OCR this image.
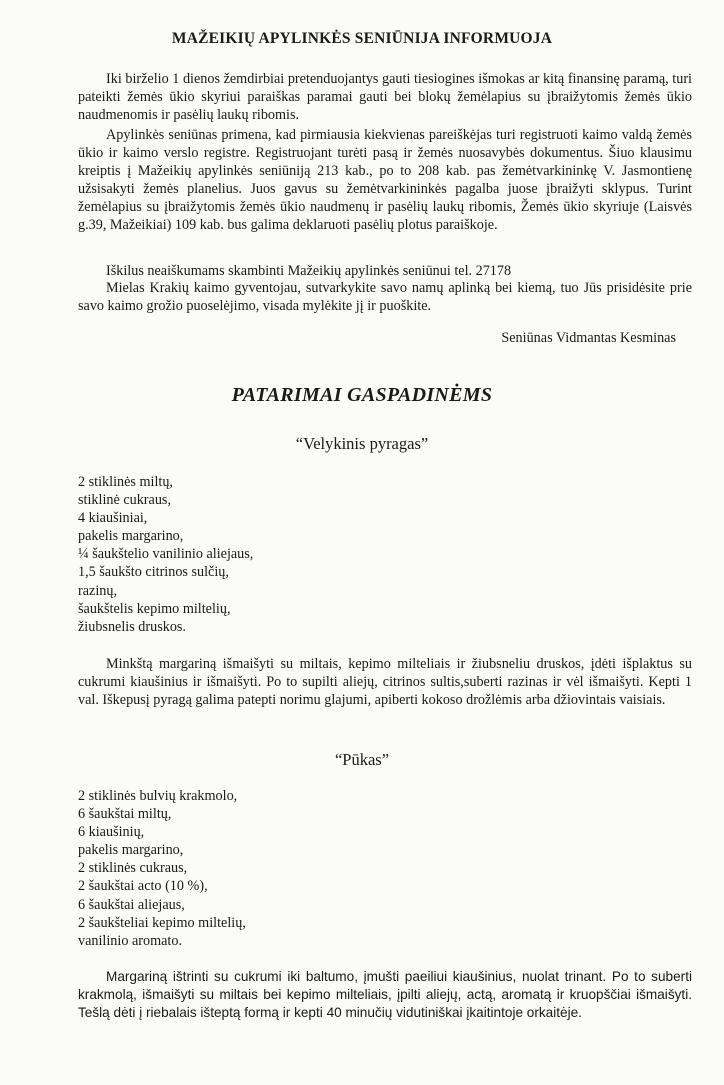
MAŽEIKIŲ APYLINKĖS SENIŪNIJA INFORMUOJA

Iki birželio 1 dienos žemdirbiai pretenduojantys gauti tiesiogines išmokas ar kitą finansinę paramą, turi pateikti žemės ūkio skyriui paraiškas paramai gauti bei blokų žemėlapius su įbraižytomis žemės ūkio naudmenomis ir pasėlių laukų ribomis.

Apylinkės seniūnas primena, kad pirmiausia kiekvienas pareiškėjas turi registruoti kaimo valdą žemės ūkio ir kaimo verslo registre. Registruojant turėti pasą ir žemės nuosavybės dokumentus. Šiuo klausimu kreiptis į Mažeikių apylinkės seniūniją 213 kab., po to 208 kab. pas žemėtvarkininkę V. Jasmontienę užsisakyti žemės planelius. Juos gavus su žemėtvarkininkės pagalba juose įbraižyti sklypus. Turint žemėlapius su įbraižytomis žemės ūkio naudmenų ir pasėlių laukų ribomis, Žemės ūkio skyriuje (Laisvės g.39, Mažeikiai) 109 kab. bus galima deklaruoti pasėlių plotus paraiškoje.

Iškilus neaiškumams skambinti Mažeikių apylinkės seniūnui tel. 27178

Mielas Krakių kaimo gyventojau, sutvarkykite savo namų aplinką bei kiemą, tuo Jūs prisidėsite prie savo kaimo grožio puoselėjimo, visada mylėkite jį ir puoškite.

Seniūnas Vidmantas Kesminas
PATARIMAI GASPADINĖMS
“Velykinis pyragas”
2 stiklinės miltų,
stiklinė cukraus,
4 kiaušiniai,
pakelis margarino,
¼ šaukštelio vanilinio aliejaus,
1,5 šaukšto citrinos sulčių,
razinų,
šaukštelis kepimo miltelių,
žiubsnelis druskos.

Minkštą margariną išmaišyti su miltais, kepimo milteliais ir žiubsneliu druskos, įdėti išplaktus su cukrumi kiaušinius ir išmaišyti. Po to supilti aliejų, citrinos sultis,suberti razinas ir vėl išmaišyti. Kepti 1 val. Iškepusį pyragą galima patepti norimu glajumi, apiberti kokoso drožlėmis arba džiovintais vaisiais.

“Pūkas”
2 stiklinės bulvių krakmolo,
6 šaukštai miltų,
6 kiaušinių,
pakelis margarino,
2 stiklinės cukraus,
2 šaukštai acto (10 %),
6 šaukštai aliejaus,
2 šaukšteliai kepimo miltelių,
vanilinio aromato.

Margariną ištrinti su cukrumi iki baltumo, įmušti paeiliui kiaušinius, nuolat trinant. Po to suberti krakmolą, išmaišyti su miltais bei kepimo milteliais, įpilti aliejų, actą, aromatą ir kruopščiai išmaišyti. Tešlą dėti į riebalais išteptą formą ir kepti 40 minučių vidutiniškai įkaitintoje orkaitėje.
